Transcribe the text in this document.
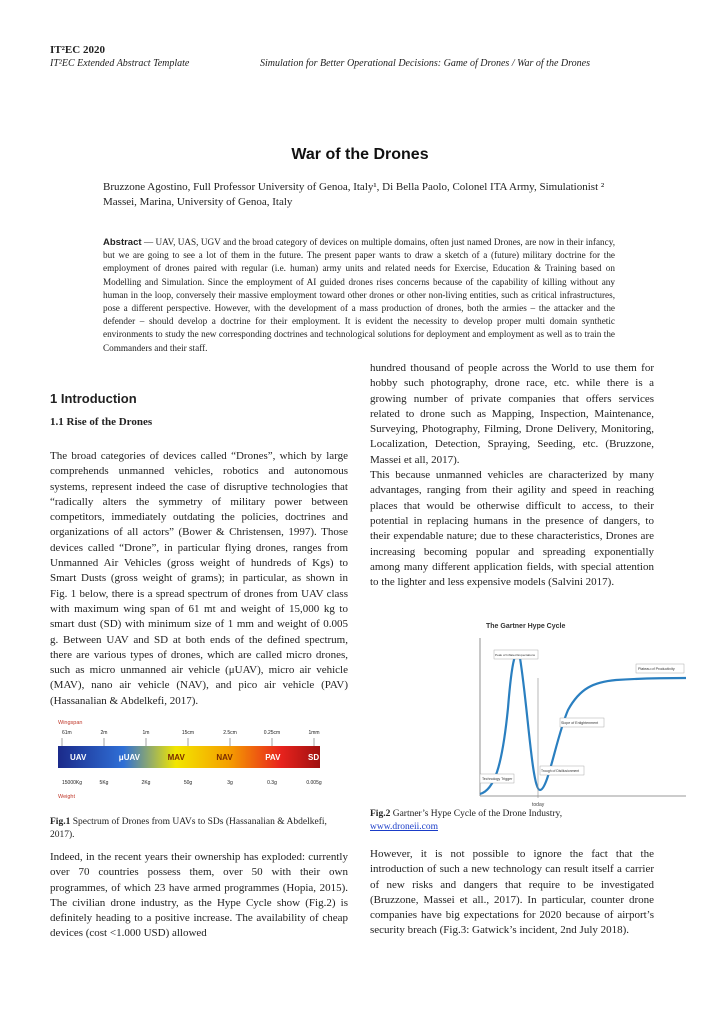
IT²EC 2020
IT²EC Extended Abstract Template	Simulation for Better Operational Decisions: Game of Drones / War of the Drones
War of the Drones
Bruzzone Agostino, Full Professor University of Genoa, Italy¹, Di Bella Paolo, Colonel ITA Army, Simulationist ²
Massei, Marina, University of Genoa, Italy
Abstract — UAV, UAS, UGV and the broad category of devices on multiple domains, often just named Drones, are now in their infancy, but we are going to see a lot of them in the future. The present paper wants to draw a sketch of a (future) military doctrine for the employment of drones paired with regular (i.e. human) army units and related needs for Exercise, Education & Training based on Modelling and Simulation. Since the employment of AI guided drones rises concerns because of the capability of killing without any human in the loop, conversely their massive employment toward other drones or other non-living entities, such as critical infrastructures, pose a different perspective. However, with the development of a mass production of drones, both the armies – the attacker and the defender – should develop a doctrine for their employment. It is evident the necessity to develop proper multi domain synthetic environments to study the new corresponding doctrines and technological solutions for deployment and employment as well as to train the Commanders and their staff.
1 Introduction
1.1 Rise of the Drones
The broad categories of devices called “Drones”, which by large comprehends unmanned vehicles, robotics and autonomous systems, represent indeed the case of disruptive technologies that “radically alters the symmetry of military power between competitors, immediately outdating the policies, doctrines and organizations of all actors” (Bower & Christensen, 1997). Those devices called “Drone”, in particular flying drones, ranges from Unmanned Air Vehicles (gross weight of hundreds of Kgs) to Smart Dusts (gross weight of grams); in particular, as shown in Fig. 1 below, there is a spread spectrum of drones from UAV class with maximum wing span of 61 mt and weight of 15,000 kg to smart dust (SD) with minimum size of 1 mm and weight of 0.005 g. Between UAV and SD at both ends of the defined spectrum, there are various types of drones, which are called micro drones, such as micro unmanned air vehicle (μUAV), micro air vehicle (MAV), nano air vehicle (NAV), and pico air vehicle (PAV) (Hassanalian & Abdelkefi, 2017).
Wingspan
61m	2m	1m	15cm	2.5cm	0.25cm	1mm
UAV	μUAV	MAV	NAV	PAV	SD
15000Kg	5Kg	2Kg	50g	3g	0.3g	0.005g
Weight
Fig.1 Spectrum of Drones from UAVs to SDs (Hassanalian & Abdelkefi, 2017).
Indeed, in the recent years their ownership has exploded: currently over 70 countries possess them, over 50 with their own programmes, of which 23 have armed programmes (Hopia, 2015). The civilian drone industry, as the Hype Cycle show (Fig.2) is definitely heading to a positive increase. The availability of cheap devices (cost <1.000 USD) allowed
hundred thousand of people across the World to use them for hobby such photography, drone race, etc. while there is a growing number of private companies that offers services related to drone such as Mapping, Inspection, Maintenance, Surveying, Photography, Filming, Drone Delivery, Monitoring, Localization, Detection, Spraying, Seeding, etc. (Bruzzone, Massei et all, 2017).
This because unmanned vehicles are characterized by many advantages, ranging from their agility and speed in reaching places that would be otherwise difficult to access, to their potential in replacing humans in the presence of dangers, to their expendable nature; due to these characteristics, Drones are increasing becoming popular and spreading exponentially among many different application fields, with special attention to the lighter and less expensive models (Salvini 2017).
The Gartner Hype Cycle
today
Technology Trigger
Peak of Inflated Expectations
Trough of Disillusionment
Slope of Enlightenment
Plateau of Productivity
Fig.2 Gartner’s Hype Cycle of the Drone Industry,
www.droneii.com
However, it is not possible to ignore the fact that the introduction of such a new technology can result itself a carrier of new risks and dangers that require to be investigated (Bruzzone, Massei et all., 2017). In particular, counter drone companies have big expectations for 2020 because of airport’s security breach (Fig.3: Gatwick’s incident, 2nd July 2018).
